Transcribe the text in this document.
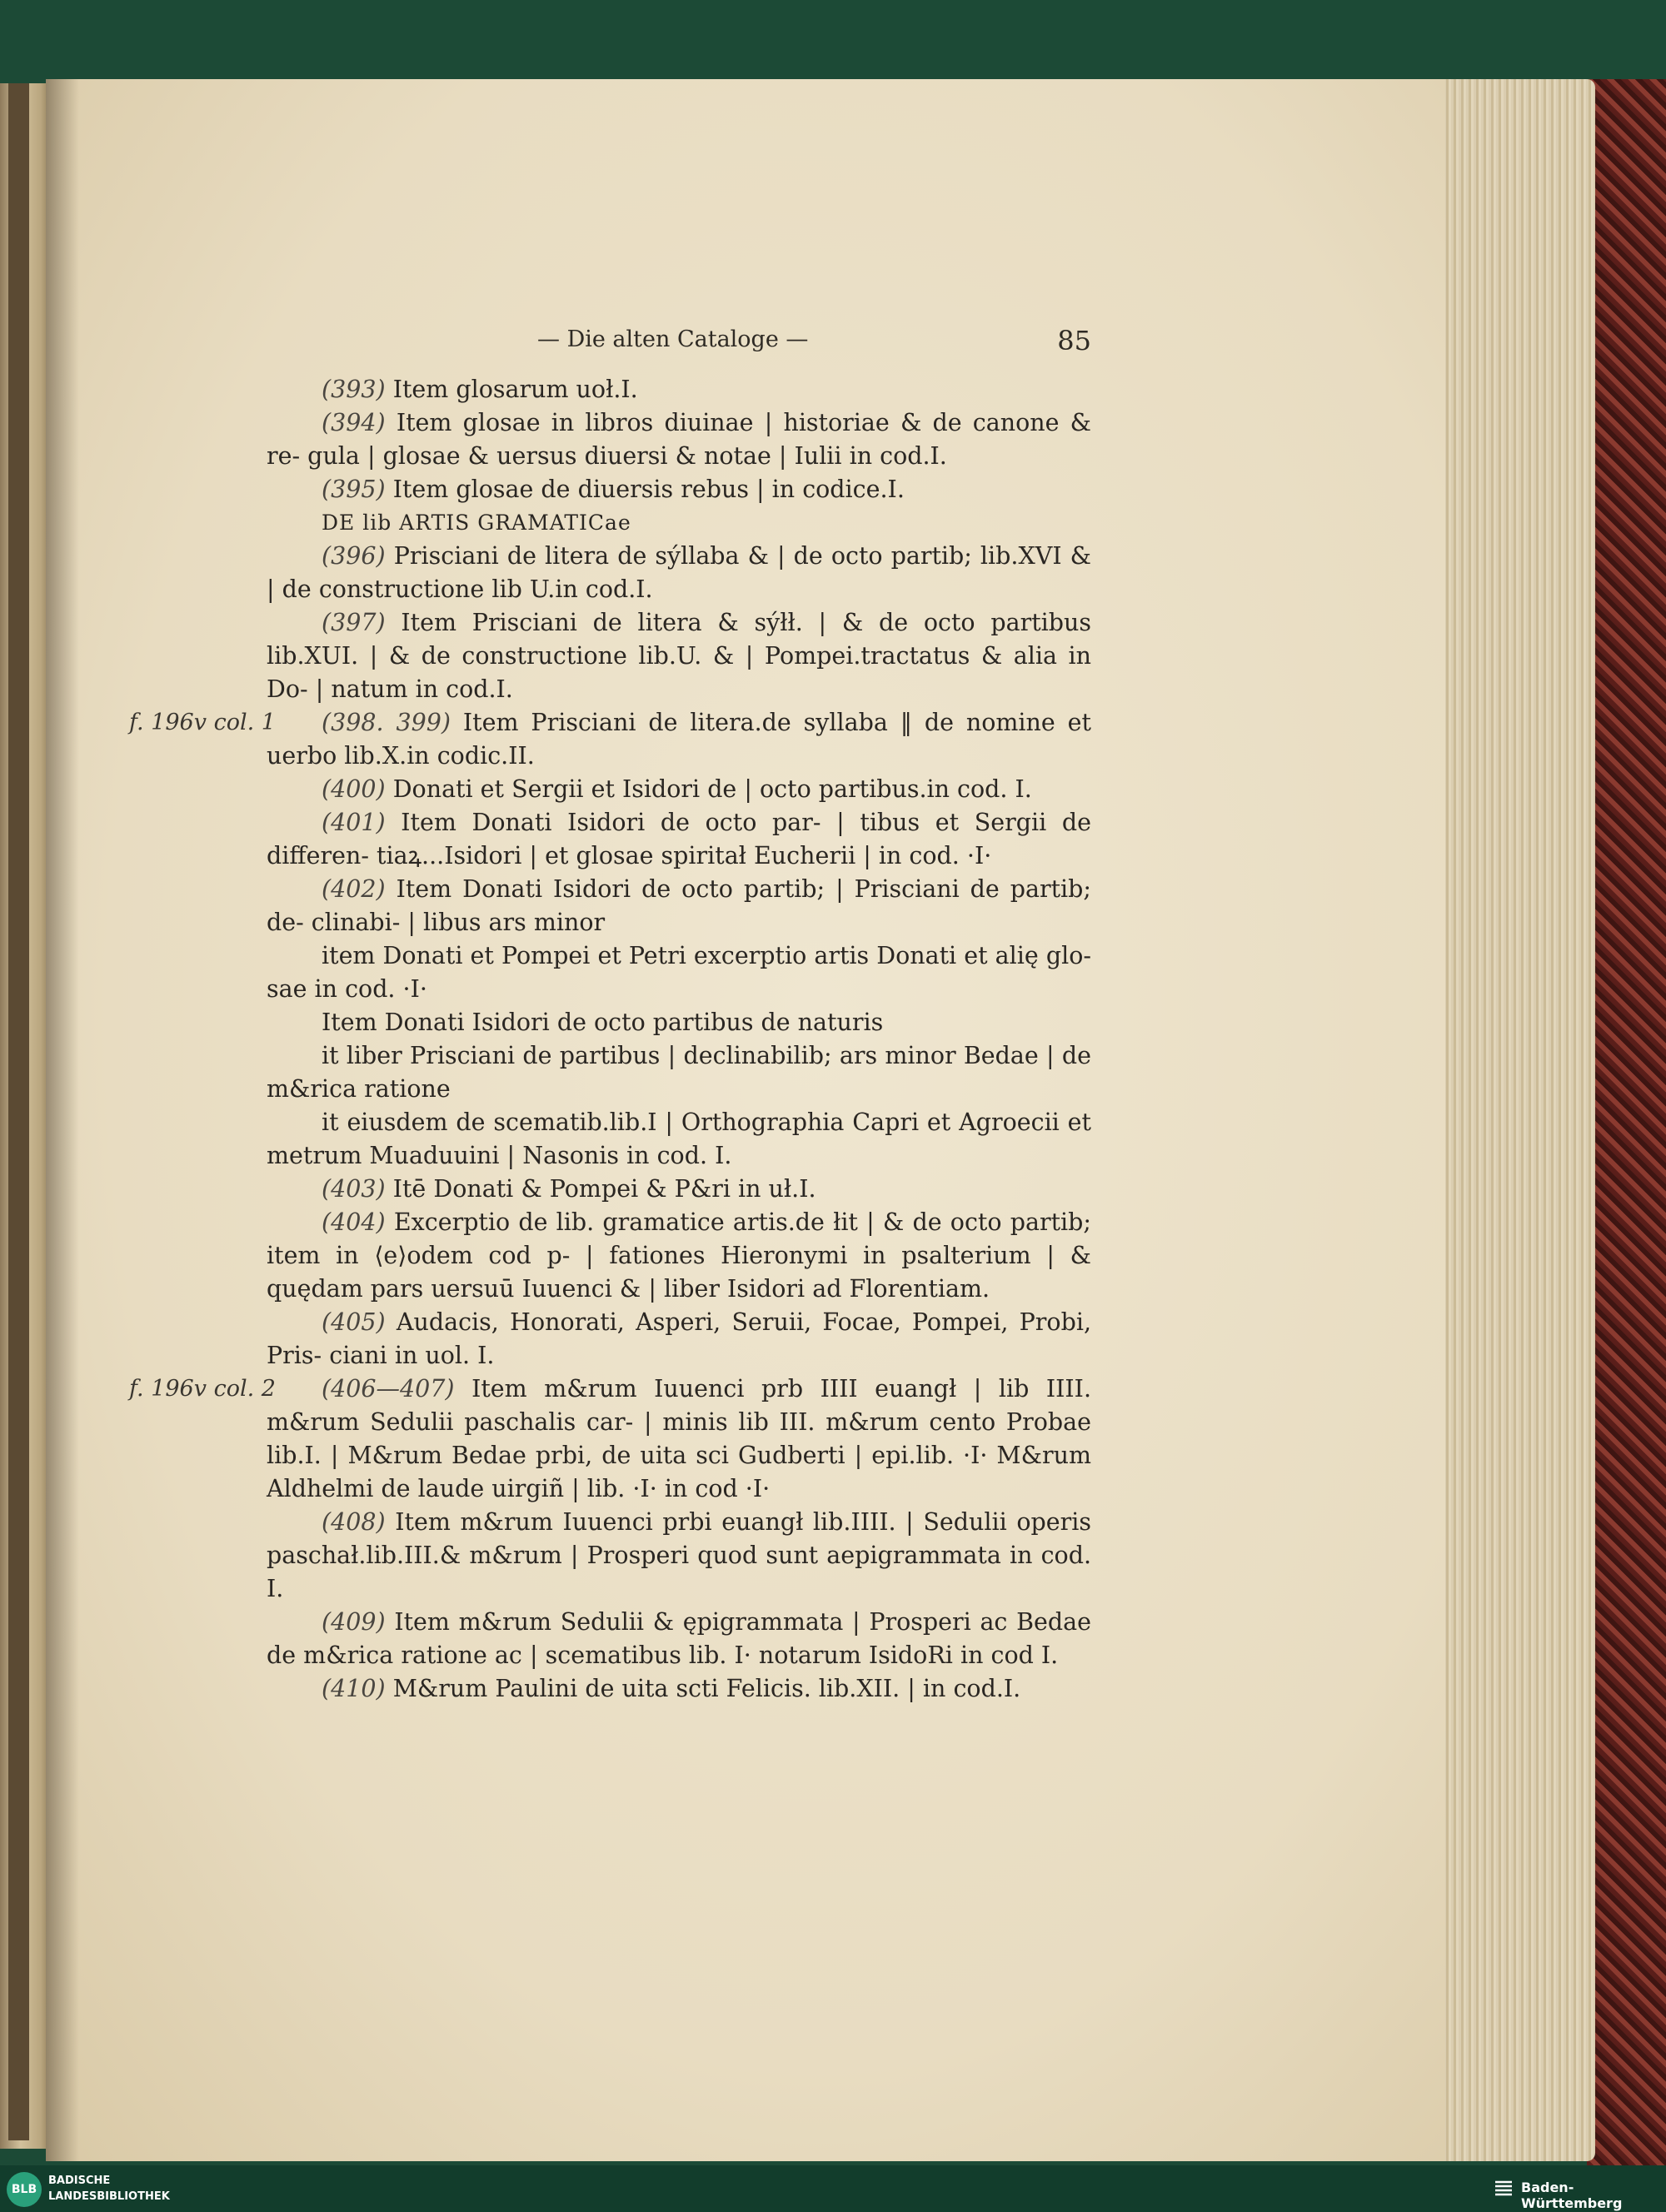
— Die alten Cataloge —	85

(393) Item glosarum uoł.I.

(394) Item glosae in libros diuinae | historiae & de canone & re- gula | glosae & uersus diuersi & notae | Iulii in cod.I.

(395) Item glosae de diuersis rebus | in codice.I.

DE lib ARTIS GRAMATICae

(396) Prisciani de litera de sýllaba & | de octo partib; lib.XVI & | de constructione lib U.in cod.I.

(397) Item Prisciani de litera & sýłł. | & de octo partibus lib.XUI. | & de constructione lib.U. & | Pompei.tractatus & alia in Do- | natum in cod.I.

f. 196v col. 1 (398. 399) Item Prisciani de litera.de syllaba ‖ de nomine et uerbo lib.X.in codic.II.

(400) Donati et Sergii et Isidori de | octo partibus.in cod. I.

(401) Item Donati Isidori de octo par- | tibus et Sergii de differen- tiaꝝ...Isidori | et glosae spiritał Eucherii | in cod. ·I·

(402) Item Donati Isidori de octo partib; | Prisciani de partib; de- clinabi- | libus ars minor

item Donati et Pompei et Petri excerptio artis Donati et alię glo- sae in cod. ·I·

Item Donati Isidori de octo partibus de naturis

it liber Prisciani de partibus | declinabilib; ars minor Bedae | de m&rica ratione

it eiusdem de scematib.lib.I | Orthographia Capri et Agroecii et metrum Muaduuini | Nasonis in cod. I.

(403) Itē Donati & Pompei & P&ri in uł.I.

(404) Excerptio de lib. gramatice artis.de łit | & de octo partib; item in ⟨e⟩odem cod p- | fationes Hieronymi in psalterium | & quędam pars uersuū Iuuenci & | liber Isidori ad Florentiam.

(405) Audacis, Honorati, Asperi, Seruii, Focae, Pompei, Probi, Pris- ciani in uol. I.

f. 196v col. 2 (406—407) Item m&rum Iuuenci prb IIII euangł | lib IIII. m&rum Sedulii paschalis car- | minis lib III. m&rum cento Probae lib.I. | M&rum Bedae prbi, de uita sci Gudberti | epi.lib. ·I· M&rum Aldhelmi de laude uirgiñ | lib. ·I· in cod ·I·

(408) Item m&rum Iuuenci prbi euangł lib.IIII. | Sedulii operis paschał.lib.III.& m&rum | Prosperi quod sunt aepigrammata in cod. I.

(409) Item m&rum Sedulii & ępigrammata | Prosperi ac Bedae de m&rica ratione ac | scematibus lib. I· notarum IsidoRi in cod I.

(410) M&rum Paulini de uita scti Felicis. lib.XII. | in cod.I.

BLB
BADISCHE
LANDESBIBLIOTHEK
Baden-Württemberg
